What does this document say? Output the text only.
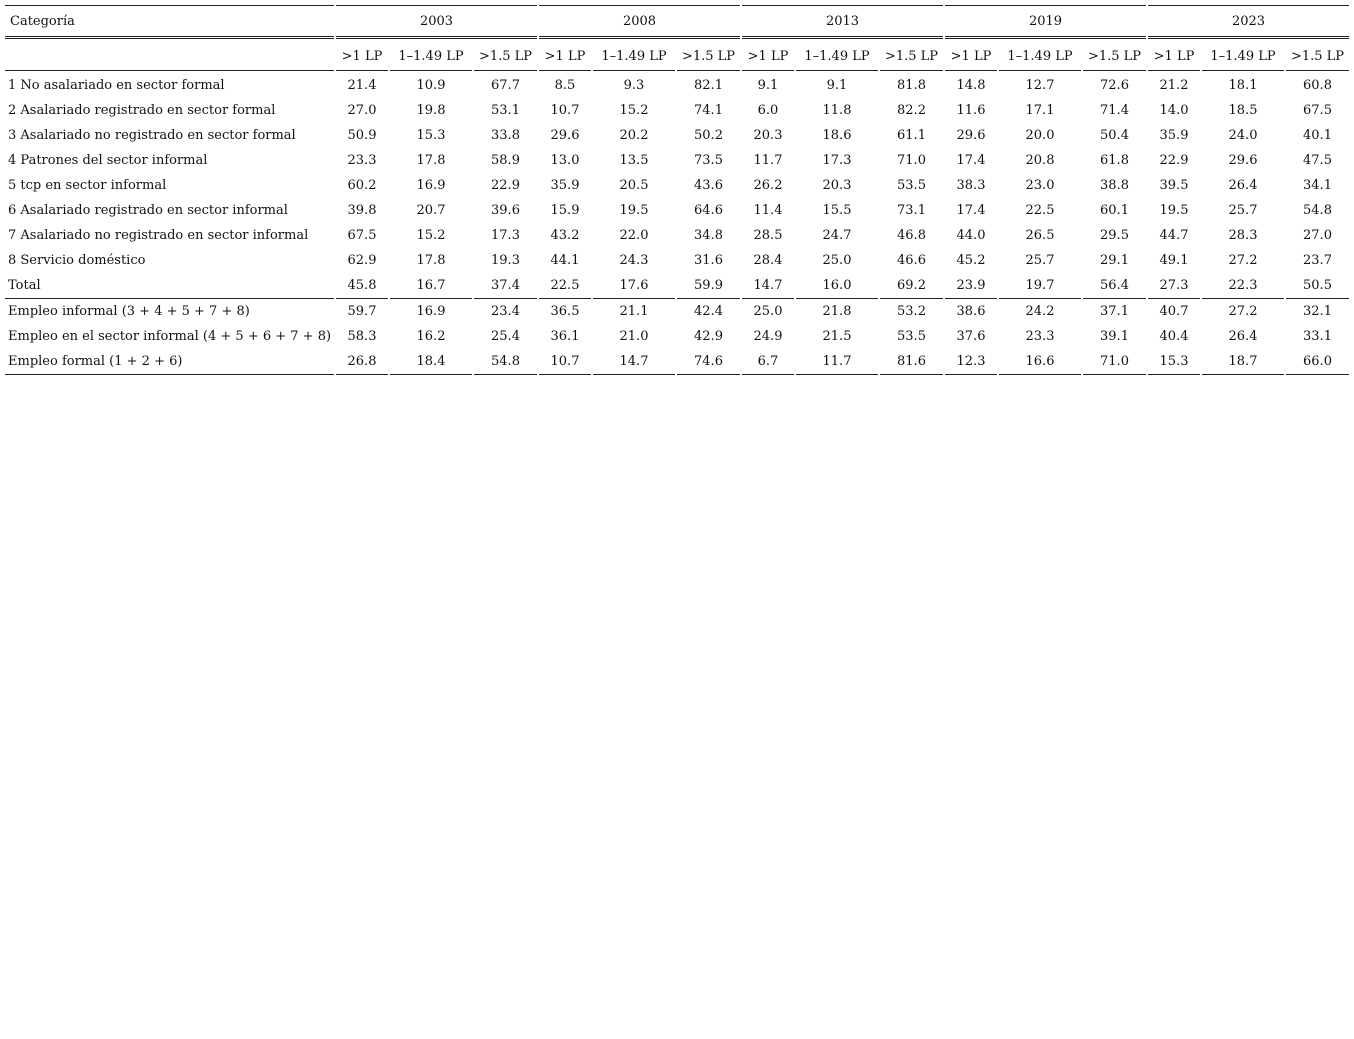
Categoría	2003			2008			2013			2019			2023		
	>1 LP	1–1.49 LP	>1.5 LP	>1 LP	1–1.49 LP	>1.5 LP	>1 LP	1–1.49 LP	>1.5 LP	>1 LP	1–1.49 LP	>1.5 LP	>1 LP	1–1.49 LP	>1.5 LP
1 No asalariado en sector formal	21.4	10.9	67.7	8.5	9.3	82.1	9.1	9.1	81.8	14.8	12.7	72.6	21.2	18.1	60.8
2 Asalariado registrado en sector formal	27.0	19.8	53.1	10.7	15.2	74.1	6.0	11.8	82.2	11.6	17.1	71.4	14.0	18.5	67.5
3 Asalariado no registrado en sector formal	50.9	15.3	33.8	29.6	20.2	50.2	20.3	18.6	61.1	29.6	20.0	50.4	35.9	24.0	40.1
4 Patrones del sector informal	23.3	17.8	58.9	13.0	13.5	73.5	11.7	17.3	71.0	17.4	20.8	61.8	22.9	29.6	47.5
5 tcp en sector informal	60.2	16.9	22.9	35.9	20.5	43.6	26.2	20.3	53.5	38.3	23.0	38.8	39.5	26.4	34.1
6 Asalariado registrado en sector informal	39.8	20.7	39.6	15.9	19.5	64.6	11.4	15.5	73.1	17.4	22.5	60.1	19.5	25.7	54.8
7 Asalariado no registrado en sector informal	67.5	15.2	17.3	43.2	22.0	34.8	28.5	24.7	46.8	44.0	26.5	29.5	44.7	28.3	27.0
8 Servicio doméstico	62.9	17.8	19.3	44.1	24.3	31.6	28.4	25.0	46.6	45.2	25.7	29.1	49.1	27.2	23.7
Total	45.8	16.7	37.4	22.5	17.6	59.9	14.7	16.0	69.2	23.9	19.7	56.4	27.3	22.3	50.5
Empleo informal (3 + 4 + 5 + 7 + 8)	59.7	16.9	23.4	36.5	21.1	42.4	25.0	21.8	53.2	38.6	24.2	37.1	40.7	27.2	32.1
Empleo en el sector informal (4 + 5 + 6 + 7 + 8)	58.3	16.2	25.4	36.1	21.0	42.9	24.9	21.5	53.5	37.6	23.3	39.1	40.4	26.4	33.1
Empleo formal (1 + 2 + 6)	26.8	18.4	54.8	10.7	14.7	74.6	6.7	11.7	81.6	12.3	16.6	71.0	15.3	18.7	66.0
